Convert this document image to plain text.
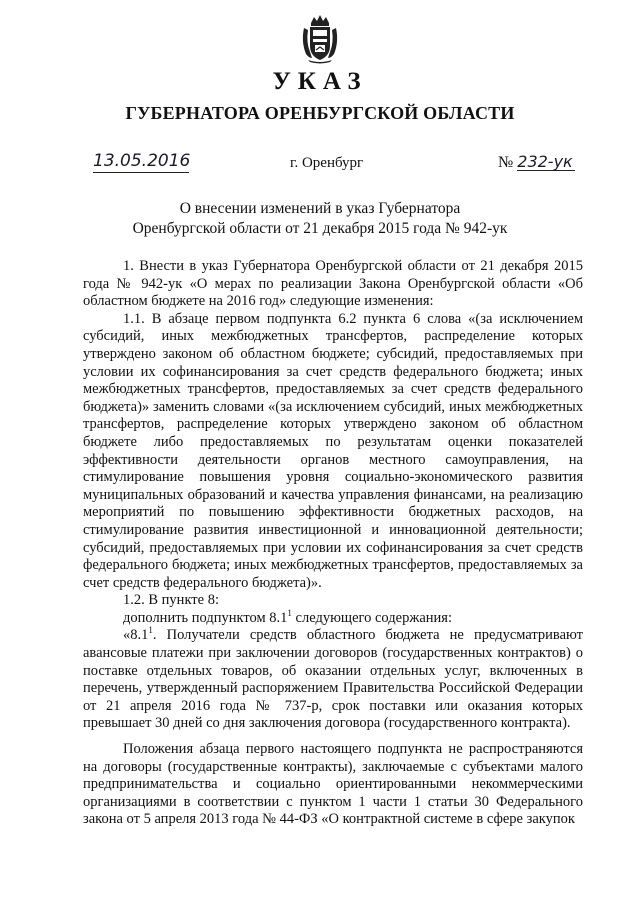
УКАЗ
ГУБЕРНАТОРА ОРЕНБУРГСКОЙ ОБЛАСТИ
13.05.2016	г. Оренбург	№ 232-ук
О внесении изменений в указ Губернатора
Оренбургской области от 21 декабря 2015 года № 942-ук

1. Внести в указ Губернатора Оренбургской области от 21 декабря 2015 года № 942-ук «О мерах по реализации Закона Оренбургской области «Об областном бюджете на 2016 год» следующие изменения:

1.1. В абзаце первом подпункта 6.2 пункта 6 слова «(за исключением субсидий, иных межбюджетных трансфертов, распределение которых утверждено законом об областном бюджете; субсидий, предоставляемых при условии их софинансирования за счет средств федерального бюджета; иных межбюджетных трансфертов, предоставляемых за счет средств федерального бюджета)» заменить словами «(за исключением субсидий, иных межбюджетных трансфертов, распределение которых утверждено законом об областном бюджете либо предоставляемых по результатам оценки показателей эффективности деятельности органов местного самоуправления, на стимулирование повышения уровня социально-экономического развития муниципальных образований и качества управления финансами, на реализацию мероприятий по повышению эффективности бюджетных расходов, на стимулирование развития инвестиционной и инновационной деятельности; субсидий, предоставляемых при условии их софинансирования за счет средств федерального бюджета; иных межбюджетных трансфертов, предоставляемых за счет средств федерального бюджета)».

1.2. В пункте 8:

дополнить подпунктом $8.1^1$ следующего содержания:

«$8.1^1$. Получатели средств областного бюджета не предусматривают авансовые платежи при заключении договоров (государственных контрактов) о поставке отдельных товаров, об оказании отдельных услуг, включенных в перечень, утвержденный распоряжением Правительства Российской Федерации от 21 апреля 2016 года № 737-р, срок поставки или оказания которых превышает 30 дней со дня заключения договора (государственного контракта).

Положения абзаца первого настоящего подпункта не распространяются на договоры (государственные контракты), заключаемые с субъектами малого предпринимательства и социально ориентированными некоммерческими организациями в соответствии с пунктом 1 части 1 статьи 30 Федерального закона от 5 апреля 2013 года № 44-ФЗ «О контрактной системе в сфере закупок
